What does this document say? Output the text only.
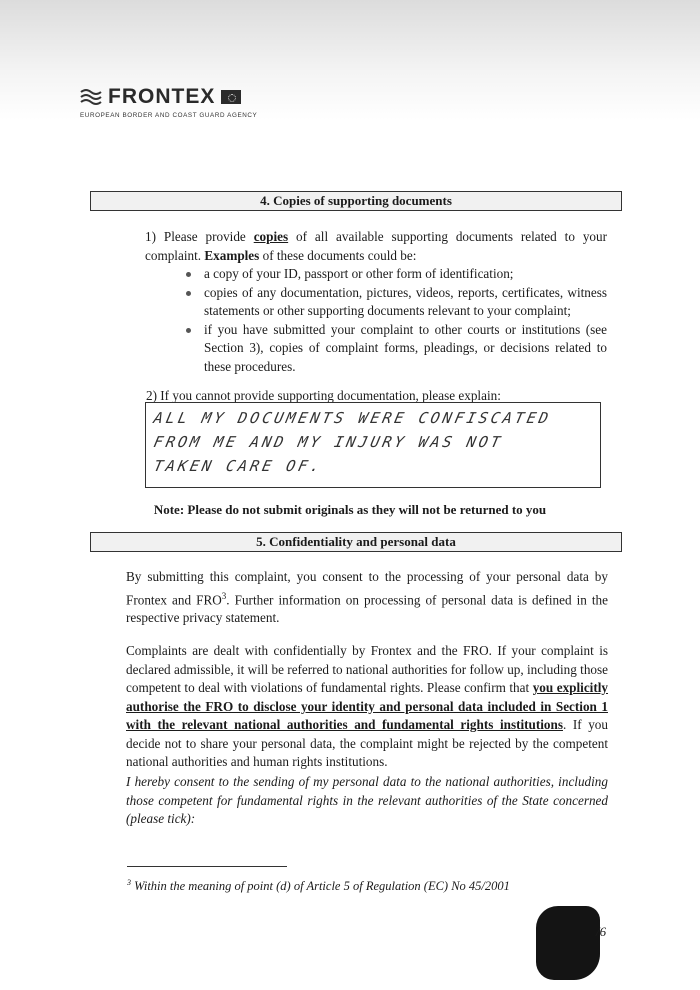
FRONTEX
EUROPEAN BORDER AND COAST GUARD AGENCY
4. Copies of supporting documents
1) Please provide copies of all available supporting documents related to your complaint. Examples of these documents could be:
a copy of your ID, passport or other form of identification;
copies of any documentation, pictures, videos, reports, certificates, witness statements or other supporting documents relevant to your complaint;
if you have submitted your complaint to other courts or institutions (see Section 3), copies of complaint forms, pleadings, or decisions related to these procedures.
2) If you cannot provide supporting documentation, please explain:
ALL MY DOCUMENTS WERE CONFISCATED
FROM ME AND MY INJURY WAS NOT
TAKEN CARE OF.
Note: Please do not submit originals as they will not be returned to you
5. Confidentiality and personal data
By submitting this complaint, you consent to the processing of your personal data by Frontex and FRO$^3$. Further information on processing of personal data is defined in the respective privacy statement.
Complaints are dealt with confidentially by Frontex and the FRO. If your complaint is declared admissible, it will be referred to national authorities for follow up, including those competent to deal with violations of fundamental rights. Please confirm that you explicitly authorise the FRO to disclose your identity and personal data included in Section 1 with the relevant national authorities and fundamental rights institutions. If you decide not to share your personal data, the complaint might be rejected by the competent national authorities and human rights institutions.
I hereby consent to the sending of my personal data to the national authorities, including those competent for fundamental rights in the relevant authorities of the State concerned (please tick):
$^3$ Within the meaning of point (d) of Article 5 of Regulation (EC) No 45/2001
/6
